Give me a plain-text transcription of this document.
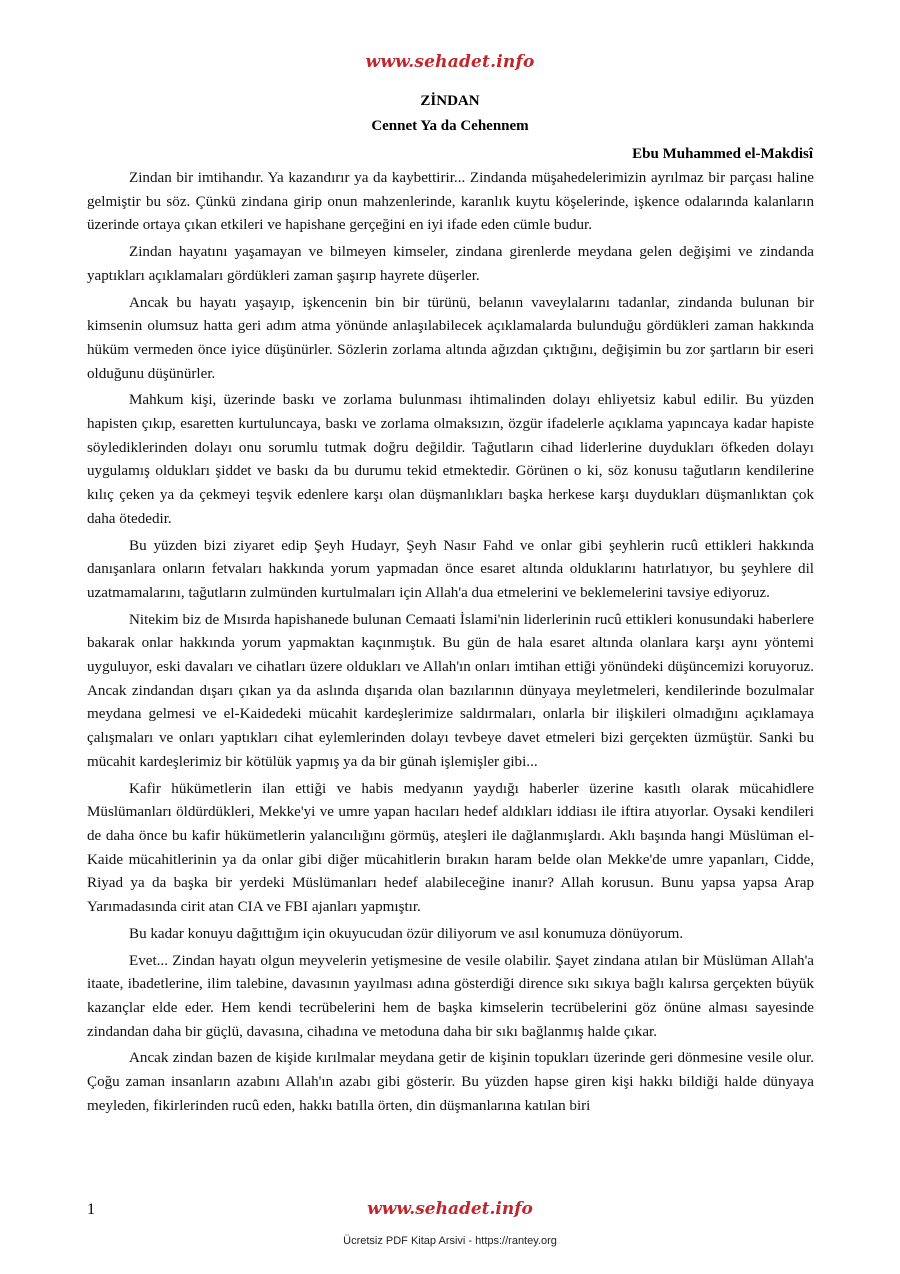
www.sehadet.info
ZİNDAN
Cennet Ya da Cehennem
Ebu Muhammed el-Makdisî

Zindan bir imtihandır. Ya kazandırır ya da kaybettirir... Zindanda müşahedelerimizin ayrılmaz bir parçası haline gelmiştir bu söz. Çünkü zindana girip onun mahzenlerinde, karanlık kuytu köşelerinde, işkence odalarında kalanların üzerinde ortaya çıkan etkileri ve hapishane gerçeğini en iyi ifade eden cümle budur.

Zindan hayatını yaşamayan ve bilmeyen kimseler, zindana girenlerde meydana gelen değişimi ve zindanda yaptıkları açıklamaları gördükleri zaman şaşırıp hayrete düşerler.

Ancak bu hayatı yaşayıp, işkencenin bin bir türünü, belanın vaveylalarını tadanlar, zindanda bulunan bir kimsenin olumsuz hatta geri adım atma yönünde anlaşılabilecek açıklamalarda bulunduğu gördükleri zaman hakkında hüküm vermeden önce iyice düşünürler. Sözlerin zorlama altında ağızdan çıktığını, değişimin bu zor şartların bir eseri olduğunu düşünürler.

Mahkum kişi, üzerinde baskı ve zorlama bulunması ihtimalinden dolayı ehliyetsiz kabul edilir. Bu yüzden hapisten çıkıp, esaretten kurtuluncaya, baskı ve zorlama olmaksızın, özgür ifadelerle açıklama yapıncaya kadar hapiste söylediklerinden dolayı onu sorumlu tutmak doğru değildir. Tağutların cihad liderlerine duydukları öfkeden dolayı uygulamış oldukları şiddet ve baskı da bu durumu tekid etmektedir. Görünen o ki, söz konusu tağutların kendilerine kılıç çeken ya da çekmeyi teşvik edenlere karşı olan düşmanlıkları başka herkese karşı duydukları düşmanlıktan çok daha ötededir.

Bu yüzden bizi ziyaret edip Şeyh Hudayr, Şeyh Nasır Fahd ve onlar gibi şeyhlerin rucû ettikleri hakkında danışanlara onların fetvaları hakkında yorum yapmadan önce esaret altında olduklarını hatırlatıyor, bu şeyhlere dil uzatmamalarını, tağutların zulmünden kurtulmaları için Allah'a dua etmelerini ve beklemelerini tavsiye ediyoruz.

Nitekim biz de Mısırda hapishanede bulunan Cemaati İslami'nin liderlerinin rucû ettikleri konusundaki haberlere bakarak onlar hakkında yorum yapmaktan kaçınmıştık. Bu gün de hala esaret altında olanlara karşı aynı yöntemi uyguluyor, eski davaları ve cihatları üzere oldukları ve Allah'ın onları imtihan ettiği yönündeki düşüncemizi koruyoruz. Ancak zindandan dışarı çıkan ya da aslında dışarıda olan bazılarının dünyaya meyletmeleri, kendilerinde bozulmalar meydana gelmesi ve el-Kaidedeki mücahit kardeşlerimize saldırmaları, onlarla bir ilişkileri olmadığını açıklamaya çalışmaları ve onları yaptıkları cihat eylemlerinden dolayı tevbeye davet etmeleri bizi gerçekten üzmüştür. Sanki bu mücahit kardeşlerimiz bir kötülük yapmış ya da bir günah işlemişler gibi...

Kafir hükümetlerin ilan ettiği ve habis medyanın yaydığı haberler üzerine kasıtlı olarak mücahidlere Müslümanları öldürdükleri, Mekke'yi ve umre yapan hacıları hedef aldıkları iddiası ile iftira atıyorlar. Oysaki kendileri de daha önce bu kafir hükümetlerin yalancılığını görmüş, ateşleri ile dağlanmışlardı. Aklı başında hangi Müslüman el-Kaide mücahitlerinin ya da onlar gibi diğer mücahitlerin bırakın haram belde olan Mekke'de umre yapanları, Cidde, Riyad ya da başka bir yerdeki Müslümanları hedef alabileceğine inanır? Allah korusun. Bunu yapsa yapsa Arap Yarımadasında cirit atan CIA ve FBI ajanları yapmıştır.

Bu kadar konuyu dağıttığım için okuyucudan özür diliyorum ve asıl konumuza dönüyorum.

Evet... Zindan hayatı olgun meyvelerin yetişmesine de vesile olabilir. Şayet zindana atılan bir Müslüman Allah'a itaate, ibadetlerine, ilim talebine, davasının yayılması adına gösterdiği dirence sıkı sıkıya bağlı kalırsa gerçekten büyük kazançlar elde eder. Hem kendi tecrübelerini hem de başka kimselerin tecrübelerini göz önüne alması sayesinde zindandan daha bir güçlü, davasına, cihadına ve metoduna daha bir sıkı bağlanmış halde çıkar.

Ancak zindan bazen de kişide kırılmalar meydana getir de kişinin topukları üzerinde geri dönmesine vesile olur. Çoğu zaman insanların azabını Allah'ın azabı gibi gösterir. Bu yüzden hapse giren kişi hakkı bildiği halde dünyaya meyleden, fikirlerinden rucû eden, hakkı batılla örten, din düşmanlarına katılan biri

1	www.sehadet.info
Ücretsiz PDF Kitap Arsivi - https://rantey.org
